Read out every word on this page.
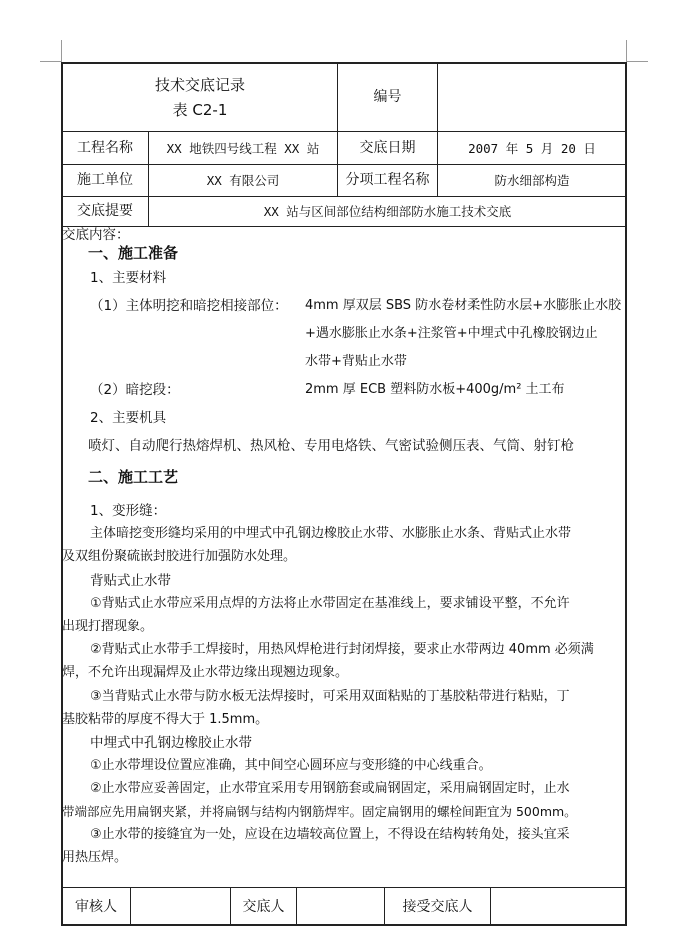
技术交底记录
表 C2-1
编号
工程名称	XX 地铁四号线工程 XX 站	交底日期	2007 年 5 月 20 日
施工单位	XX 有限公司	分项工程名称	防水细部构造
交底提要	XX 站与区间部位结构细部防水施工技术交底
交底内容：
一、施工准备
1、主要材料
（1）主体明挖和暗挖相接部位： 4mm 厚双层 SBS 防水卷材柔性防水层+水膨胀止水胶
+遇水膨胀止水条+注浆管+中埋式中孔橡胶钢边止
水带+背贴止水带
（2）暗挖段：	2mm 厚 ECB 塑料防水板+400g/m² 土工布
2、主要机具
喷灯、自动爬行热熔焊机、热风枪、专用电烙铁、气密试验侧压表、气筒、射钉枪
二、施工工艺
1、变形缝：
主体暗挖变形缝均采用的中埋式中孔钢边橡胶止水带、水膨胀止水条、背贴式止水带
及双组份聚硫嵌封胶进行加强防水处理。
背贴式止水带
①背贴式止水带应采用点焊的方法将止水带固定在基准线上，要求铺设平整，不允许
出现打摺现象。
②背贴式止水带手工焊接时，用热风焊枪进行封闭焊接，要求止水带两边 40mm 必须满
焊，不允许出现漏焊及止水带边缘出现翘边现象。
③当背贴式止水带与防水板无法焊接时，可采用双面粘贴的丁基胶粘带进行粘贴，丁
基胶粘带的厚度不得大于 1.5mm。
中埋式中孔钢边橡胶止水带
①止水带埋设位置应准确，其中间空心圆环应与变形缝的中心线重合。
②止水带应妥善固定，止水带宜采用专用钢筋套或扁钢固定，采用扁钢固定时，止水
带端部应先用扁钢夹紧，并将扁钢与结构内钢筋焊牢。固定扁钢用的螺栓间距宜为 500mm。
③止水带的接缝宜为一处，应设在边墙较高位置上，不得设在结构转角处，接头宜采
用热压焊。
审核人	交底人	接受交底人
